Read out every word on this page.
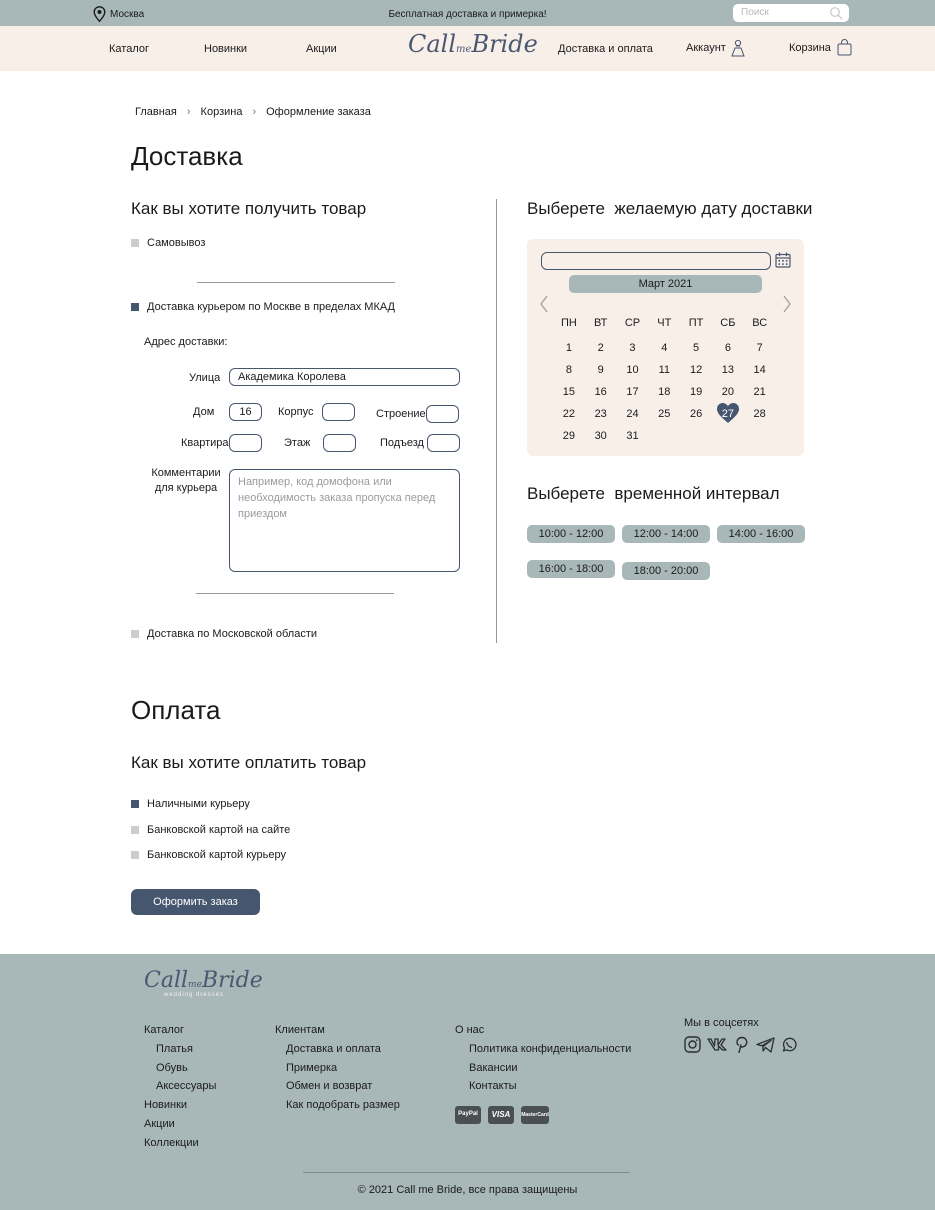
Бесплатная доставка и примерка!
Москва	Поиск
Каталог	Новинки	Акции	CallmeBride Доставка и оплата	Аккаунт	Корзина
Главная › Корзина › Оформление заказа
Доставка
Как вы хотите получить товар
Самовывоз
Доставка курьером по Москве в пределах МКАД
Адрес доставки:
Улица	Академика Королева
Дом	16	Корпус	Строение
Квартира	Этаж	Подъезд
Комментарии
для курьера	Например, код домофона или
необходимость заказа пропуска перед
приездом
Доставка по Московской области
Выберете  желаемую дату доставки
Март 2021
ПН	ВТ	СР	ЧТ	ПТ	СБ	ВС
1	2	3	4	5	6	7
8	9	10	11	12	13	14
15	16	17	18	19	20	21
22	23	24	25	26	27	28
29	30	31
Выберете  временной интервал
10:00 - 12:00	12:00 - 14:00	14:00 - 16:00
16:00 - 18:00	18:00 - 20:00
Оплата
Как вы хотите оплатить товар
Наличными курьеру
Банковской картой на сайте
Банковской картой курьеру
Оформить заказ
CallmeBride
wedding dresses
Каталог
Платья
Обувь
Аксессуары
Новинки
Акции
Коллекции
Клиентам
Доставка и оплата
Примерка
Обмен и возврат
Как подобрать размер
О нас
Политика конфиденциальности
Вакансии
Контакты
PayPal	VISA	MasterCard
Мы в соцсетях
© 2021 Call me Bride, все права защищены
